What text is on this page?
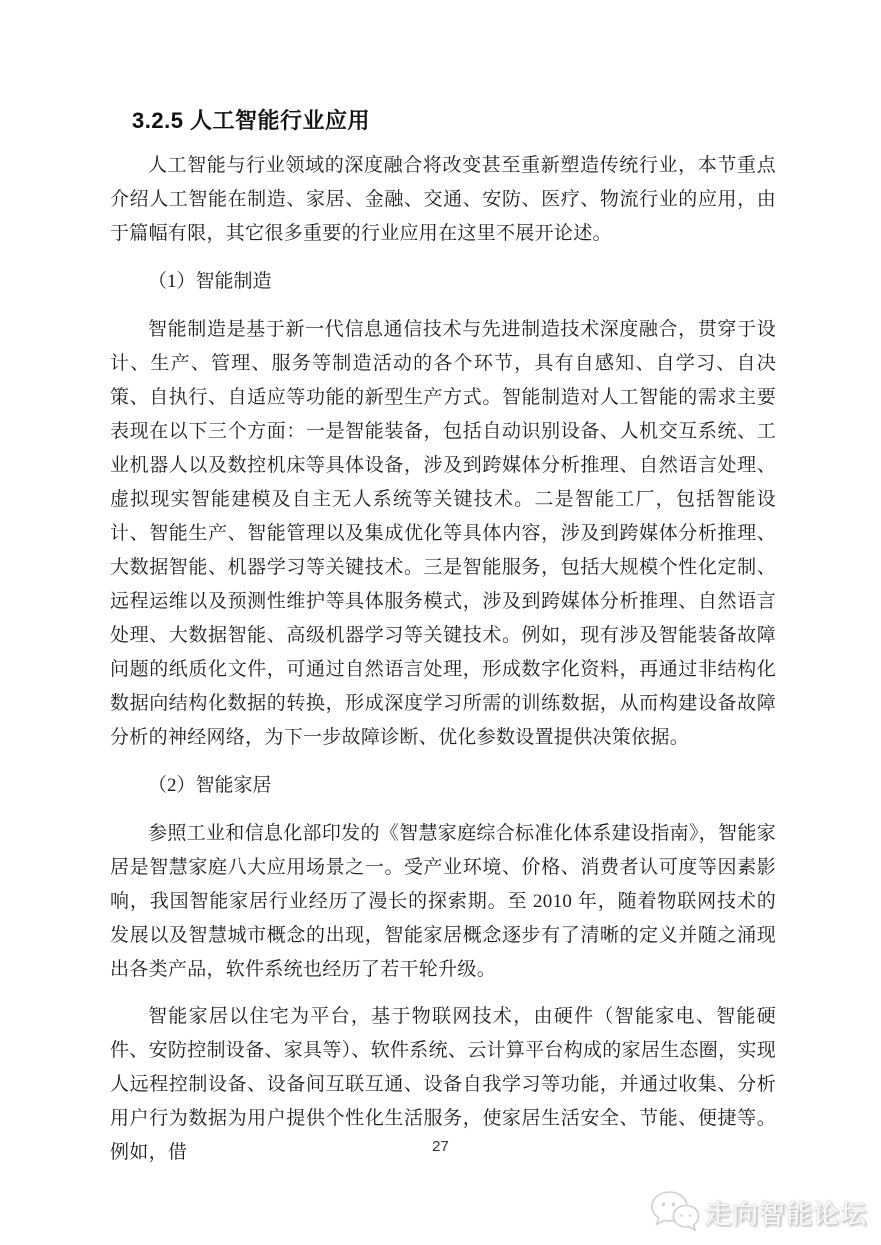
3.2.5 人工智能行业应用

人工智能与行业领域的深度融合将改变甚至重新塑造传统行业，本节重点介绍人工智能在制造、家居、金融、交通、安防、医疗、物流行业的应用，由于篇幅有限，其它很多重要的行业应用在这里不展开论述。

（1）智能制造

智能制造是基于新一代信息通信技术与先进制造技术深度融合，贯穿于设计、生产、管理、服务等制造活动的各个环节，具有自感知、自学习、自决策、自执行、自适应等功能的新型生产方式。智能制造对人工智能的需求主要表现在以下三个方面：一是智能装备，包括自动识别设备、人机交互系统、工业机器人以及数控机床等具体设备，涉及到跨媒体分析推理、自然语言处理、虚拟现实智能建模及自主无人系统等关键技术。二是智能工厂，包括智能设计、智能生产、智能管理以及集成优化等具体内容，涉及到跨媒体分析推理、大数据智能、机器学习等关键技术。三是智能服务，包括大规模个性化定制、远程运维以及预测性维护等具体服务模式，涉及到跨媒体分析推理、自然语言处理、大数据智能、高级机器学习等关键技术。例如，现有涉及智能装备故障问题的纸质化文件，可通过自然语言处理，形成数字化资料，再通过非结构化数据向结构化数据的转换，形成深度学习所需的训练数据，从而构建设备故障分析的神经网络，为下一步故障诊断、优化参数设置提供决策依据。

（2）智能家居

参照工业和信息化部印发的《智慧家庭综合标准化体系建设指南》，智能家居是智慧家庭八大应用场景之一。受产业环境、价格、消费者认可度等因素影响，我国智能家居行业经历了漫长的探索期。至 2010 年，随着物联网技术的发展以及智慧城市概念的出现，智能家居概念逐步有了清晰的定义并随之涌现出各类产品，软件系统也经历了若干轮升级。

智能家居以住宅为平台，基于物联网技术，由硬件（智能家电、智能硬件、安防控制设备、家具等）、软件系统、云计算平台构成的家居生态圈，实现人远程控制设备、设备间互联互通、设备自我学习等功能，并通过收集、分析用户行为数据为用户提供个性化生活服务，使家居生活安全、节能、便捷等。例如，借	27
走向智能论坛
